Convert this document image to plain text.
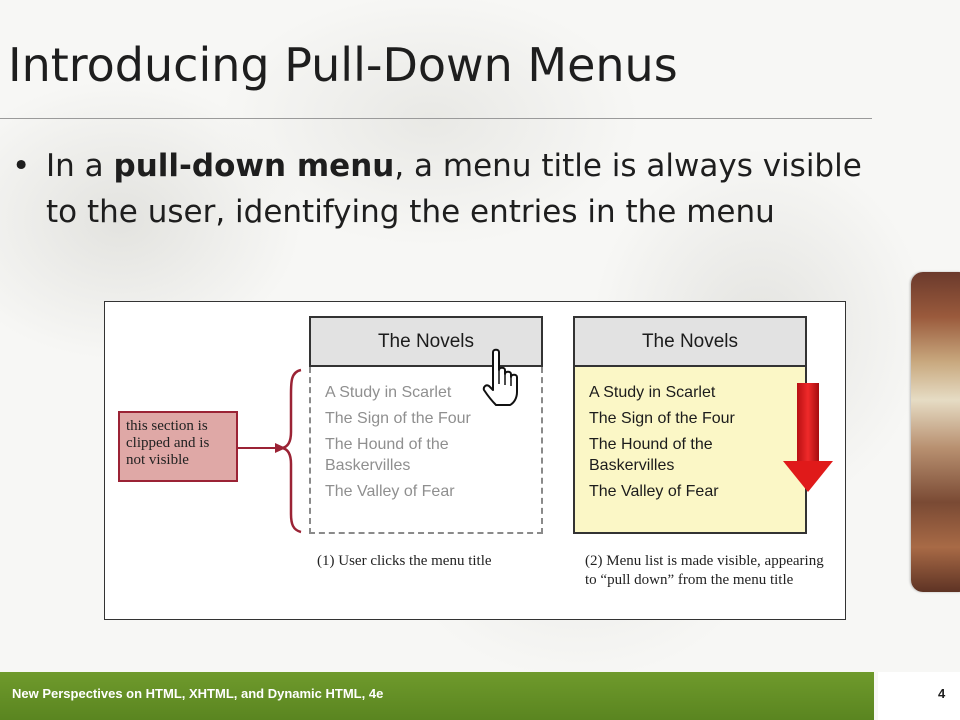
Introducing Pull-Down Menus
• In a pull-down menu, a menu title is always visible to the user, identifying the entries in the menu
The Novels
A Study in Scarlet
The Sign of the Four
The Hound of the
Baskervilles
The Valley of Fear
The Novels
A Study in Scarlet
The Sign of the Four
The Hound of the
Baskervilles
The Valley of Fear
this section is clipped and is not visible
(1) User clicks the menu title	(2) Menu list is made visible, appearing to “pull down” from the menu title
New Perspectives on HTML, XHTML, and Dynamic HTML, 4e	4
